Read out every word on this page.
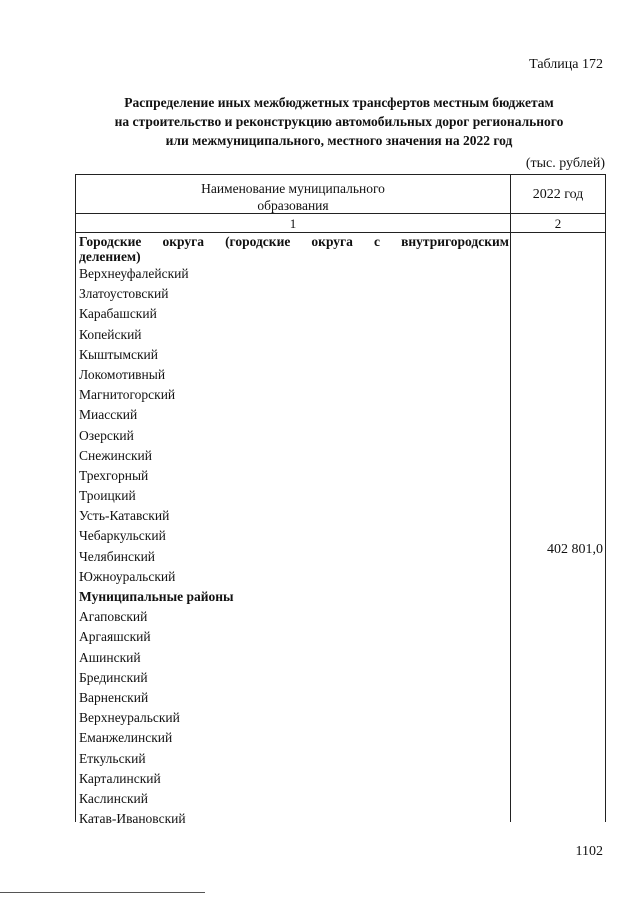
Таблица 172
Распределение иных межбюджетных трансфертов местным бюджетам
на строительство и реконструкцию автомобильных дорог регионального
или межмуниципального, местного значения на 2022 год
(тыс. рублей)
Наименование муниципального
образования
2022 год
1	2
Городские округа (городские округа с внутригородским
делением)
Верхнеуфалейский
Златоустовский
Карабашский
Копейский
Кыштымский
Локомотивный
Магнитогорский
Миасский
Озерский
Снежинский
Трехгорный
Троицкий
Усть-Катавский
Чебаркульский
Челябинский
Южноуральский
Муниципальные районы
Агаповский
Аргаяшский
Ашинский
Брединский
Варненский
Верхнеуральский
Еманжелинский
Еткульский
Карталинский
Каслинский
Катав-Ивановский
402 801,0
1102
